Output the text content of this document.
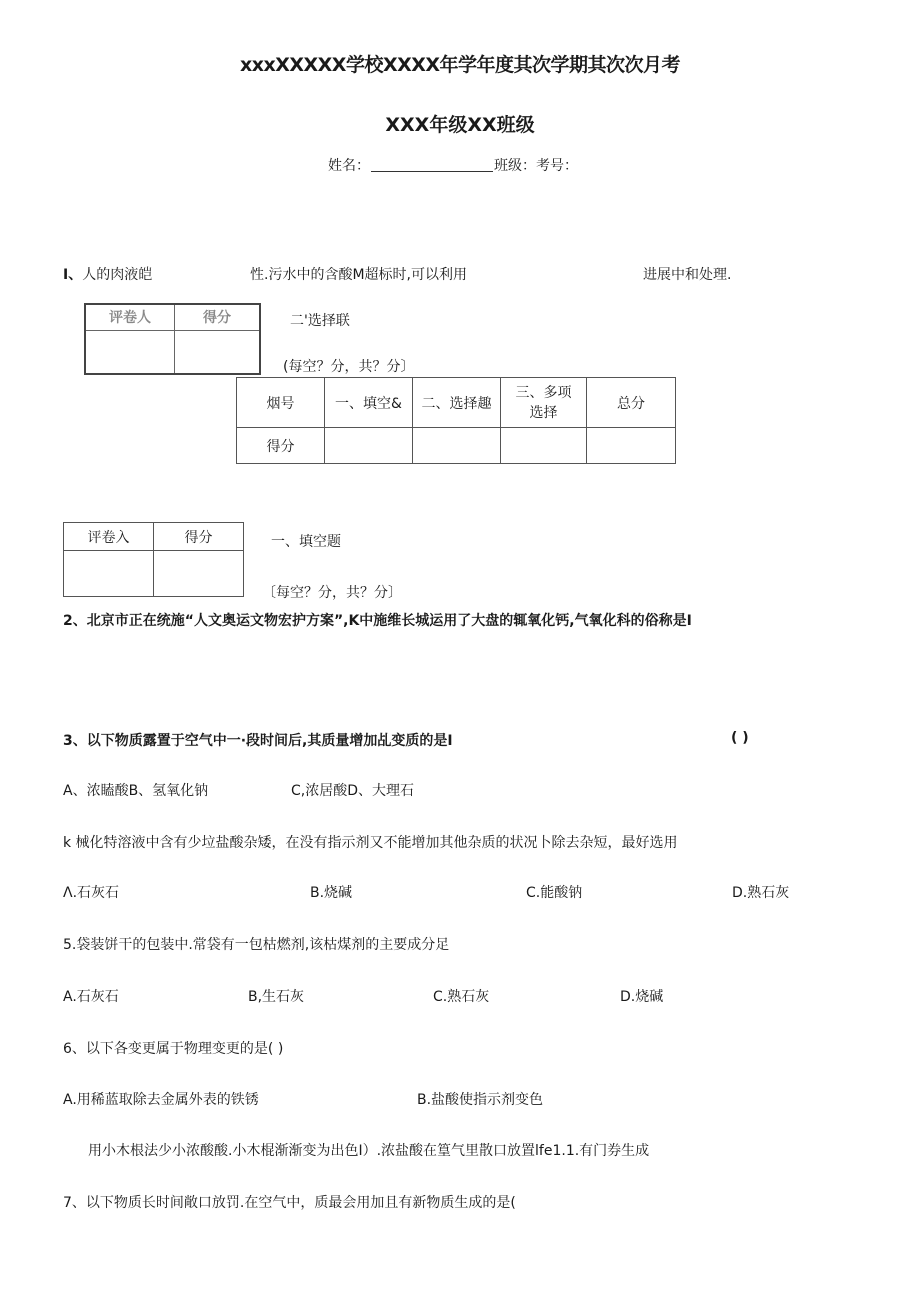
xxxXXXXX学校XXXX年学年度其次学期其次次月考
XXX年级XX班级
姓名：	班级：考号：
I、人的肉液皑	性.污水中的含酸M超标时,可以利用	进展中和处理.
评卷人	得分
		二'选择联
(每空？分，共？分〕
烟号	一、填空&	二、选择趣	三、多项选择	总分
得分				
评卷入	得分
		一、填空题
〔每空？分，共？分〕
2、北京市正在统施“人文奥运文物宏护方案”,K中施维长城运用了大盘的辄氧化钙,气氧化科的俗称是I
3、以下物质露置于空气中一·段时间后,其质量增加乩变质的是I	( )
A、浓瞌酸B、氢氧化钠	C,浓居酸D、大理石
k 械化特溶液中含有少垃盐酸杂矮，在没有指示剂又不能增加其他杂质的状况卜除去杂短，最好选用
Λ.石灰石	B.烧碱	C.能酸钠	D.熟石灰
5.袋装饼干的包装中.常袋有一包枯燃剂,该枯煤剂的主要成分足
A.石灰石	B,生石灰	C.熟石灰	D.烧碱
6、以下各变更属于物理变更的是( )
A.用稀蓝取除去金属外表的铁锈	B.盐酸使指示剂变色
用小木根法少小浓酸酸.小木棍渐渐变为出色I）.浓盐酸在篁气里散口放置lfe1.1.有门券生成
7、以下物质长时间敞口放罚.在空气中，质最会用加且有新物质生成的是(
